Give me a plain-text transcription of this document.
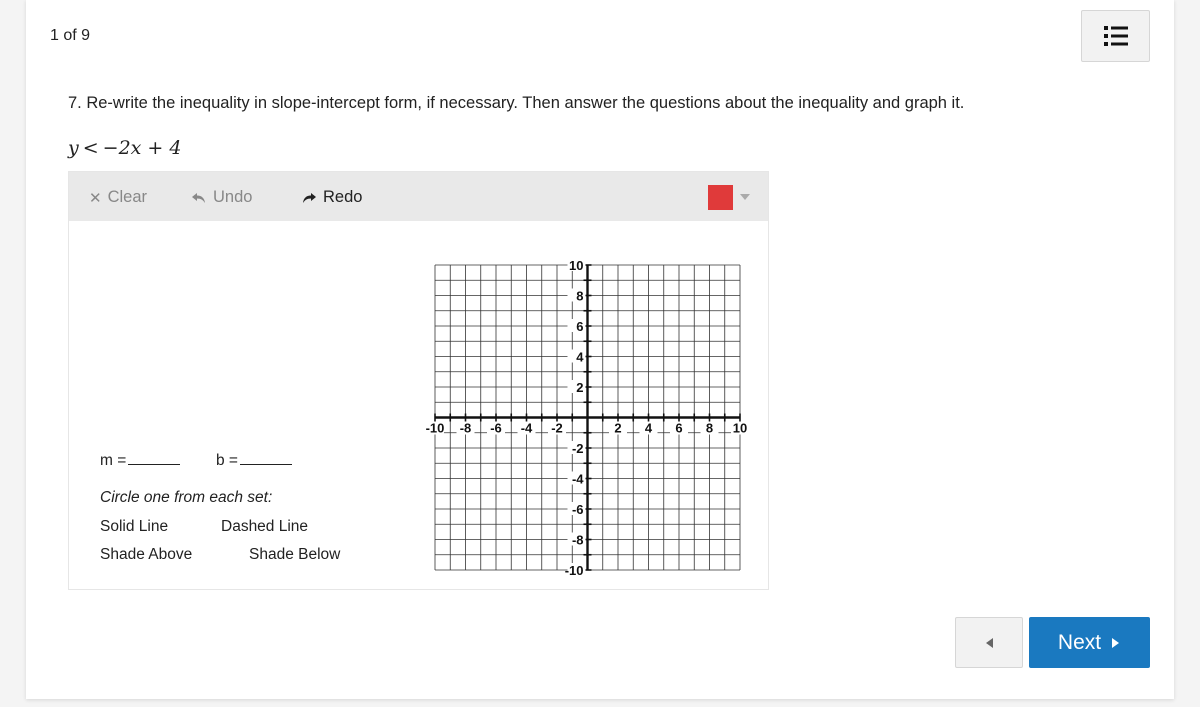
1 of 9
7. Re-write the inequality in slope-intercept form, if necessary. Then answer the questions about the inequality and graph it.
y < −2x + 4
✕ Clear	Undo	Redo
m =	b =
Circle one from each set:
Solid Line	Dashed Line
Shade Above	Shade Below
-10 -8 -6 -4 -2	2 4 6 8 10
10
8
6
4
2
-2
-4
-6
-8
-10
Next
